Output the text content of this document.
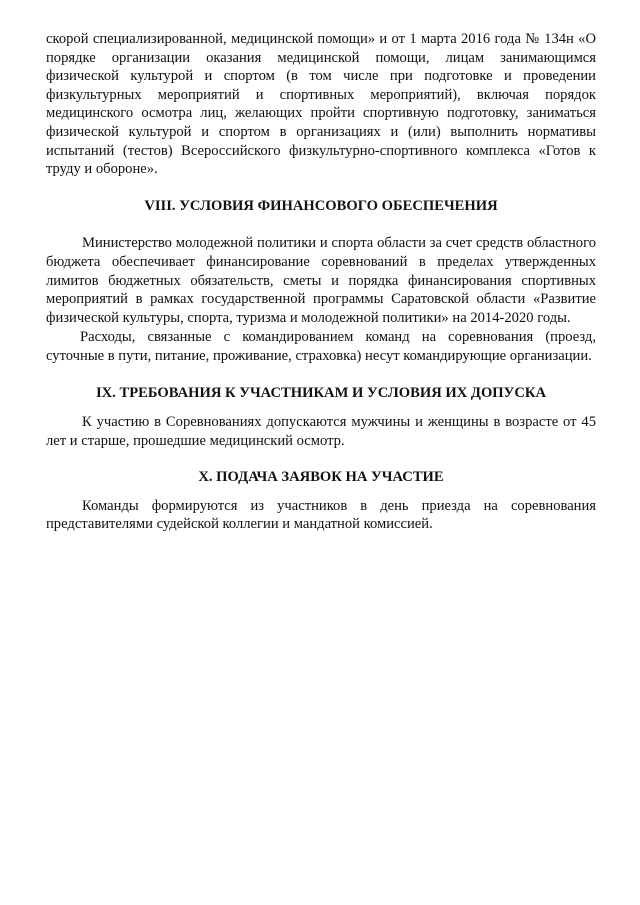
скорой специализированной, медицинской помощи» и от 1 марта 2016 года № 134н «О порядке организации оказания медицинской помощи, лицам занимающимся физической культурой и спортом (в том числе при подготовке и проведении физкультурных мероприятий и спортивных мероприятий), включая порядок медицинского осмотра лиц, желающих пройти спортивную подготовку, заниматься физической культурой и спортом в организациях и (или) выполнить нормативы испытаний (тестов) Всероссийского физкультурно-спортивного комплекса «Готов к труду и обороне».

VIII. УСЛОВИЯ ФИНАНСОВОГО ОБЕСПЕЧЕНИЯ

Министерство молодежной политики и спорта области за счет средств областного бюджета обеспечивает финансирование соревнований в пределах утвержденных лимитов бюджетных обязательств, сметы и порядка финансирования спортивных мероприятий в рамках государственной программы Саратовской области «Развитие физической культуры, спорта, туризма и молодежной политики» на 2014-2020 годы.

Расходы, связанные с командированием команд на соревнования (проезд, суточные в пути, питание, проживание, страховка) несут командирующие организации.

IX. ТРЕБОВАНИЯ К УЧАСТНИКАМ И УСЛОВИЯ ИХ ДОПУСКА

К участию в Соревнованиях допускаются мужчины и женщины в возрасте от 45 лет и старше, прошедшие медицинский осмотр.

X. ПОДАЧА ЗАЯВОК НА УЧАСТИЕ

Команды формируются из участников в день приезда на соревнования представителями судейской коллегии и мандатной комиссией.
